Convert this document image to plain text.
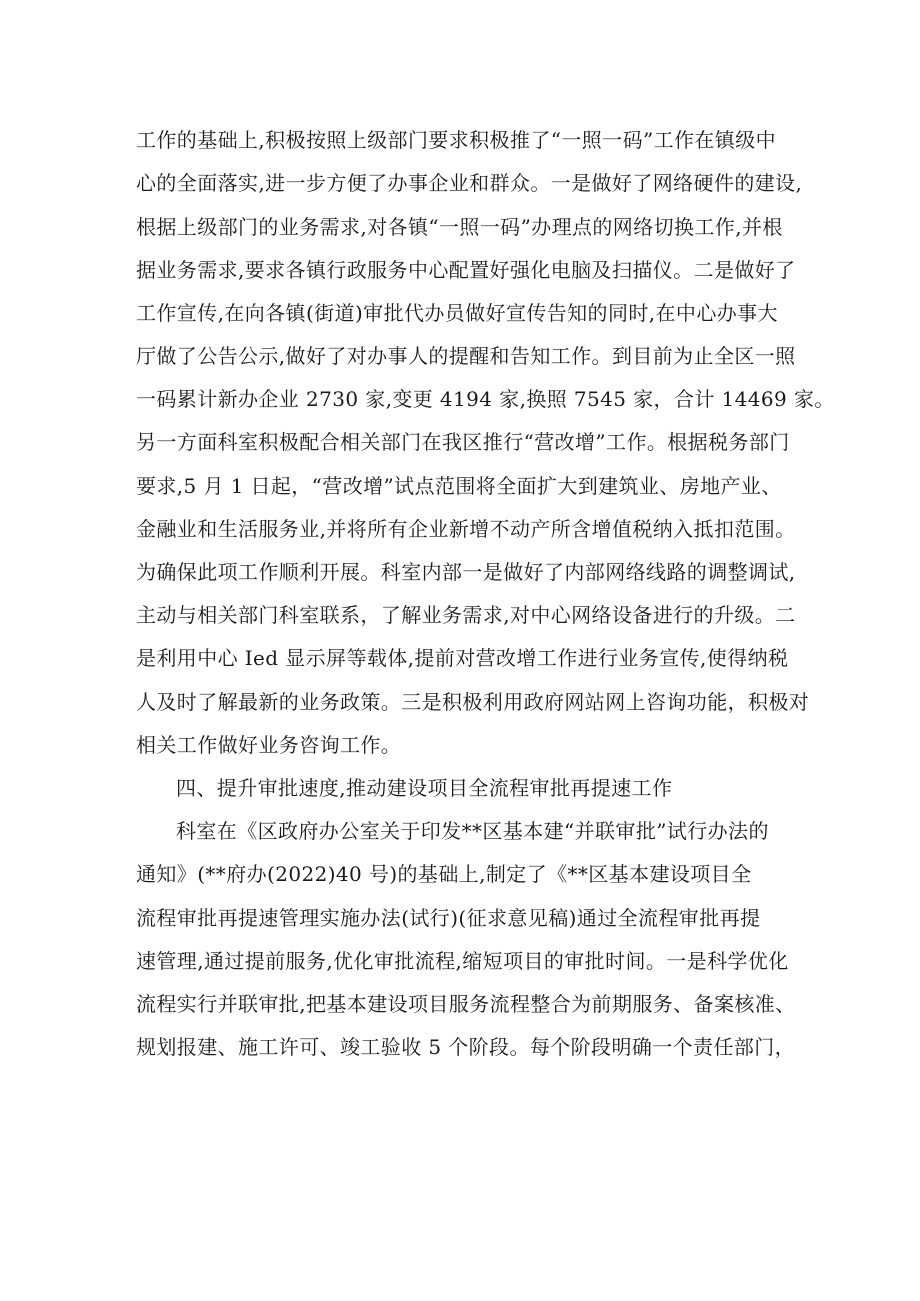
工作的基础上,积极按照上级部门要求积极推了“一照一码”工作在镇级中
心的全面落实,进一步方便了办事企业和群众。一是做好了网络硬件的建设,
根据上级部门的业务需求,对各镇“一照一码”办理点的网络切换工作,并根
据业务需求,要求各镇行政服务中心配置好强化电脑及扫描仪。二是做好了
工作宣传,在向各镇(街道)审批代办员做好宣传告知的同时,在中心办事大
厅做了公告公示,做好了对办事人的提醒和告知工作。到目前为止全区一照
一码累计新办企业 2730 家,变更 4194 家,换照 7545 家，合计 14469 家。
另一方面科室积极配合相关部门在我区推行“营改增”工作。根据税务部门
要求,5 月 1 日起，“营改增”试点范围将全面扩大到建筑业、房地产业、
金融业和生活服务业,并将所有企业新增不动产所含增值税纳入抵扣范围。
为确保此项工作顺利开展。科室内部一是做好了内部网络线路的调整调试,
主动与相关部门科室联系，了解业务需求,对中心网络设备进行的升级。二
是利用中心 Ied 显示屏等载体,提前对营改增工作进行业务宣传,使得纳税
人及时了解最新的业务政策。三是积极利用政府网站网上咨询功能，积极对
相关工作做好业务咨询工作。
四、提升审批速度,推动建设项目全流程审批再提速工作
科室在《区政府办公室关于印发**区基本建“并联审批”试行办法的
通知》(**府办(2022)40 号)的基础上,制定了《**区基本建设项目全
流程审批再提速管理实施办法(试行)(征求意见稿)通过全流程审批再提
速管理,通过提前服务,优化审批流程,缩短项目的审批时间。一是科学优化
流程实行并联审批,把基本建设项目服务流程整合为前期服务、备案核准、
规划报建、施工许可、竣工验收 5 个阶段。每个阶段明确一个责任部门，
